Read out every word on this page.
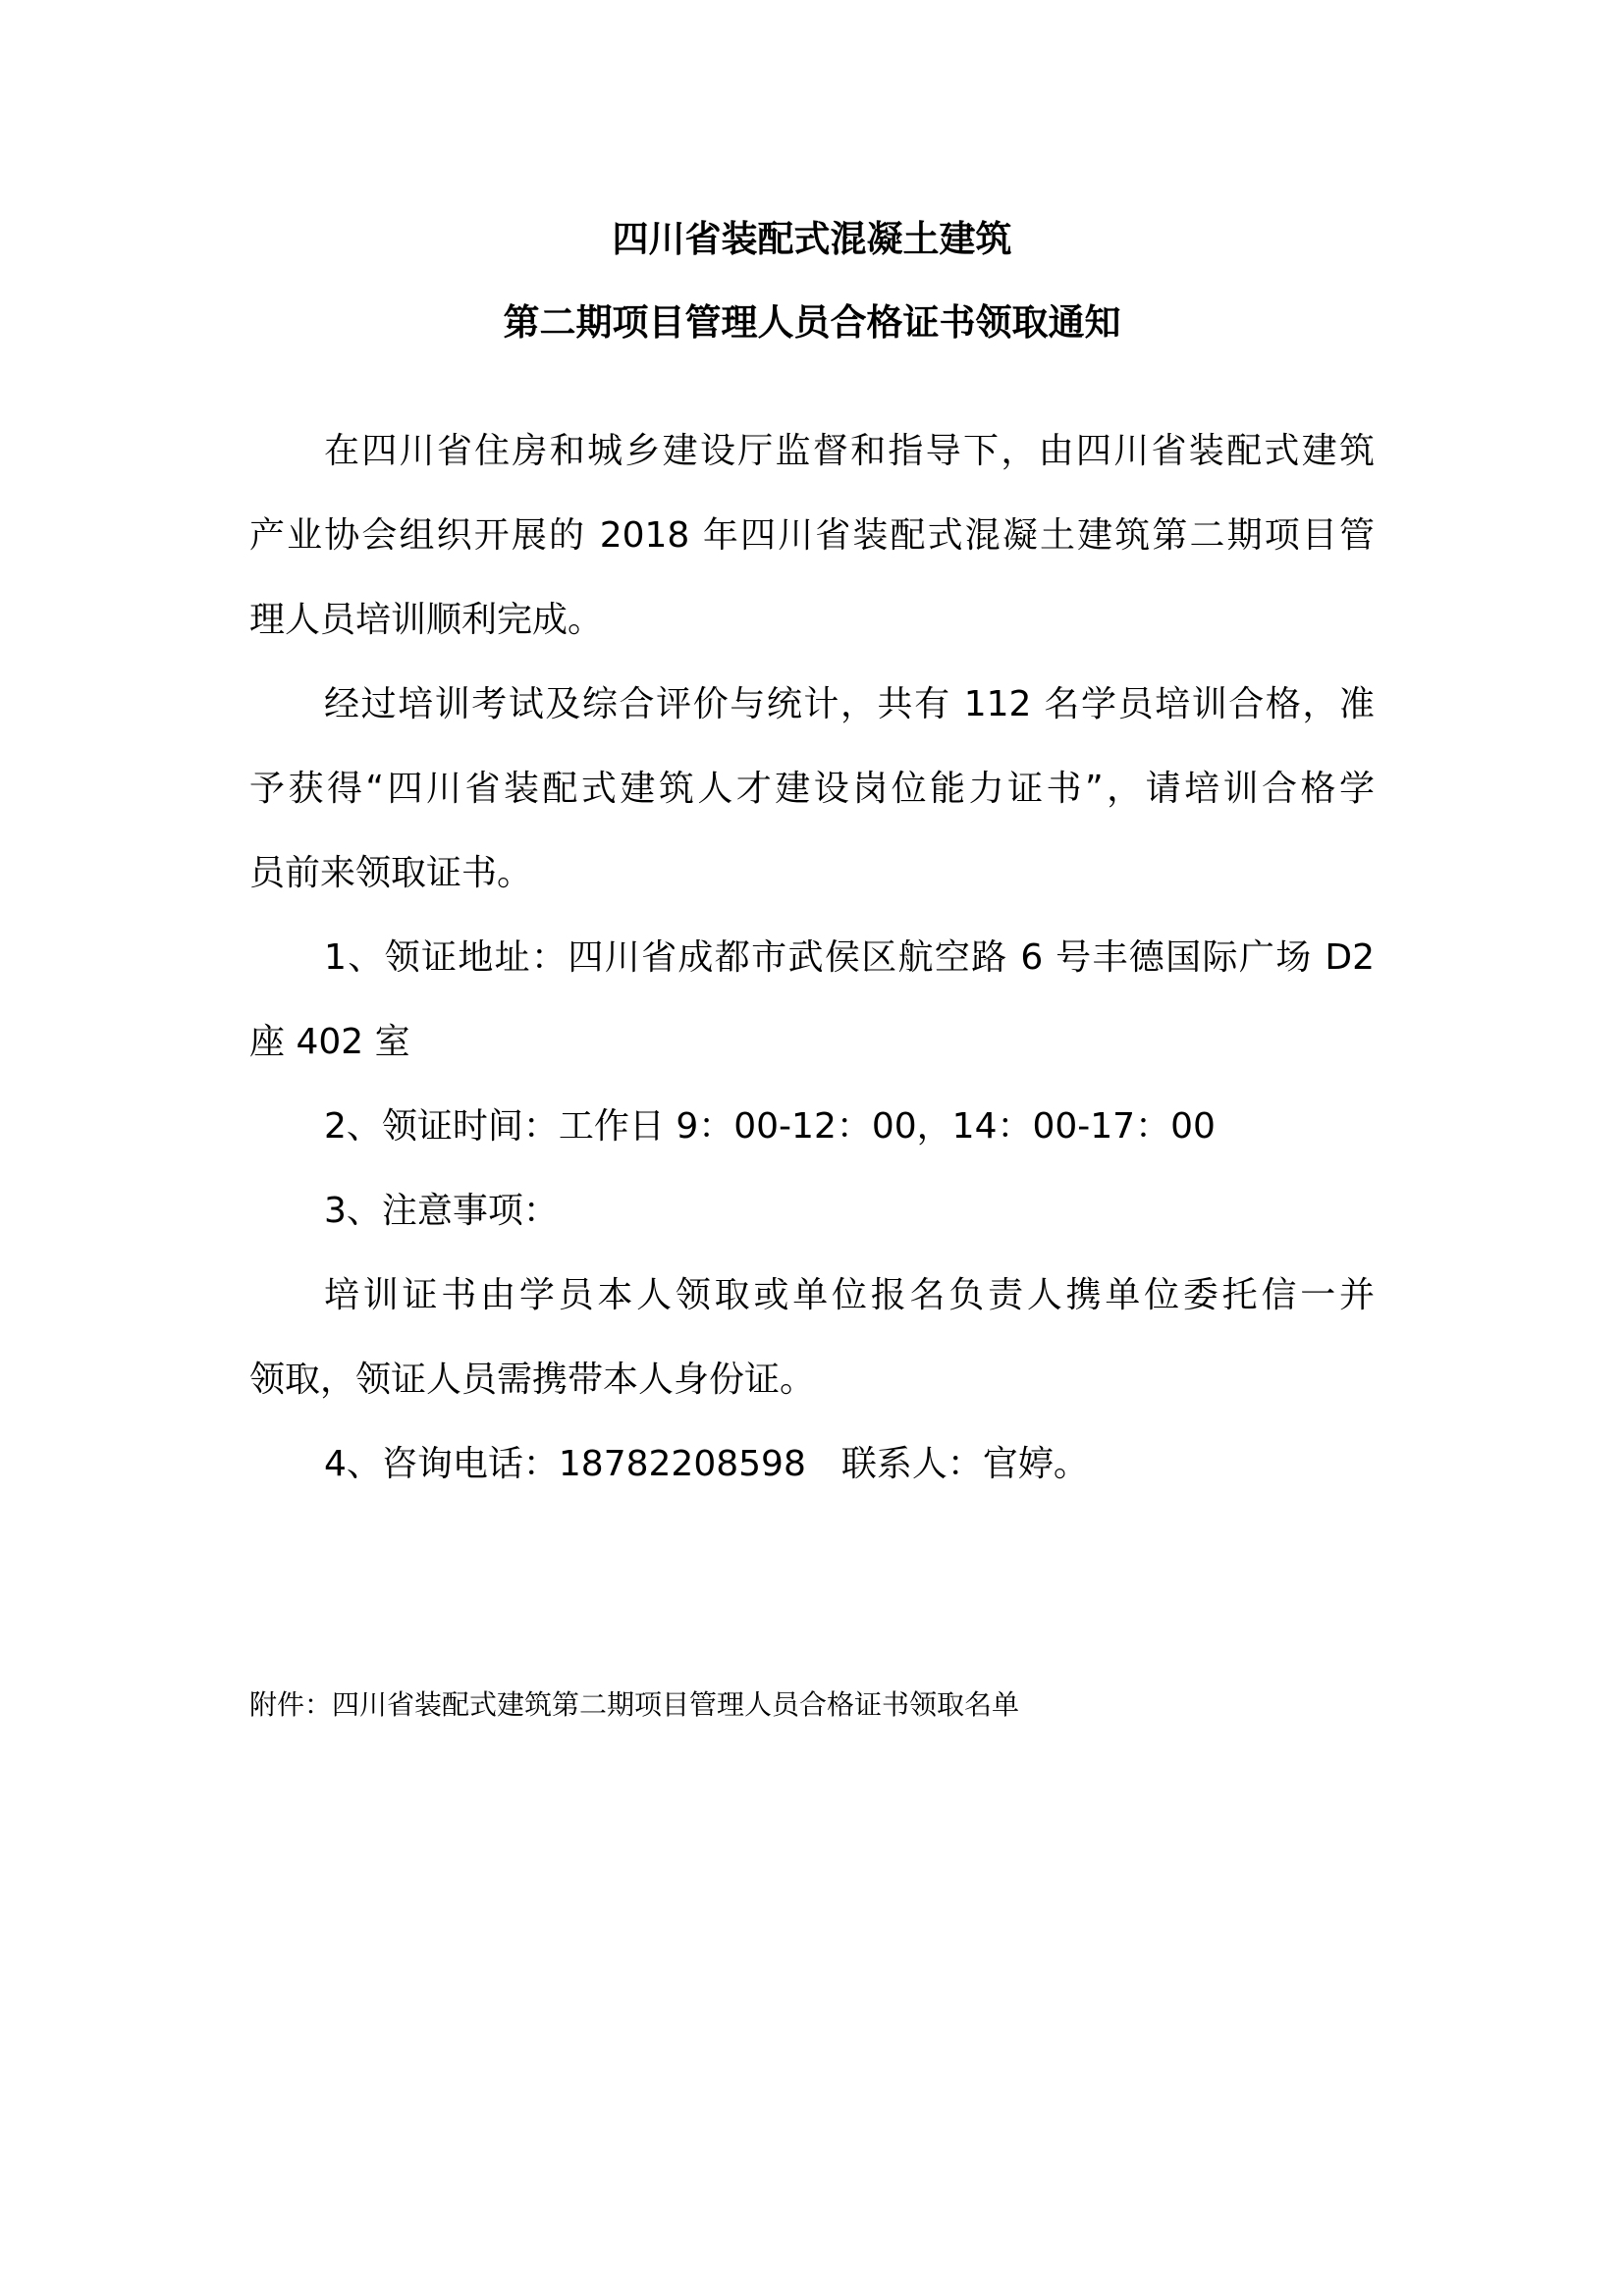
四川省装配式混凝土建筑
第二期项目管理人员合格证书领取通知
在四川省住房和城乡建设厅监督和指导下，由四川省装配式建筑
产业协会组织开展的 2018 年四川省装配式混凝土建筑第二期项目管
理人员培训顺利完成。
经过培训考试及综合评价与统计，共有 112 名学员培训合格，准
予获得“四川省装配式建筑人才建设岗位能力证书”，请培训合格学
员前来领取证书。
1、领证地址：四川省成都市武侯区航空路 6 号丰德国际广场 D2
座 402 室
2、领证时间：工作日 9：00-12：00，14：00-17：00
3、注意事项：
培训证书由学员本人领取或单位报名负责人携单位委托信一并
领取，领证人员需携带本人身份证。
4、咨询电话：18782208598　联系人：官婷。
附件：四川省装配式建筑第二期项目管理人员合格证书领取名单
